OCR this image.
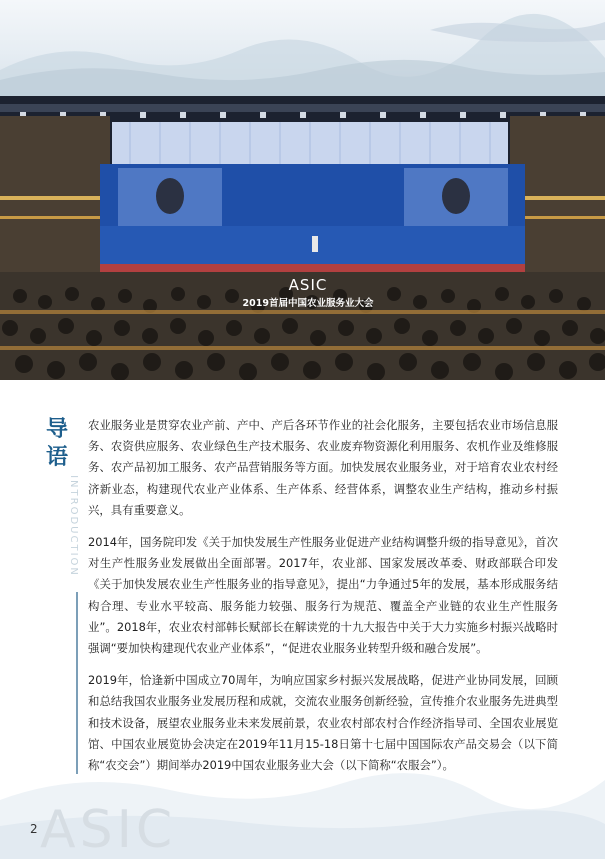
ASIC
2019首届中国农业服务业大会
导
语
INTRODUCTION

农业服务业是贯穿农业产前、产中、产后各环节作业的社会化服务，主要包括农业市场信息服务、农资供应服务、农业绿色生产技术服务、农业废弃物资源化利用服务、农机作业及维修服务、农产品初加工服务、农产品营销服务等方面。加快发展农业服务业，对于培育农业农村经济新业态，构建现代农业产业体系、生产体系、经营体系，调整农业生产结构，推动乡村振兴，具有重要意义。

2014年，国务院印发《关于加快发展生产性服务业促进产业结构调整升级的指导意见》，首次对生产性服务业发展做出全面部署。2017年，农业部、国家发展改革委、财政部联合印发《关于加快发展农业生产性服务业的指导意见》，提出“力争通过5年的发展，基本形成服务结构合理、专业水平较高、服务能力较强、服务行为规范、覆盖全产业链的农业生产性服务业”。2018年，农业农村部韩长赋部长在解读党的十九大报告中关于大力实施乡村振兴战略时强调“要加快构建现代农业产业体系”，“促进农业服务业转型升级和融合发展”。

2019年，恰逢新中国成立70周年，为响应国家乡村振兴发展战略，促进产业协同发展，回顾和总结我国农业服务业发展历程和成就，交流农业服务创新经验，宣传推介农业服务先进典型和技术设备，展望农业服务业未来发展前景，农业农村部农村合作经济指导司、全国农业展览馆、中国农业展览协会决定在2019年11月15-18日第十七届中国国际农产品交易会（以下简称“农交会”）期间举办2019中国农业服务业大会（以下简称“农服会”）。

ASIC
2
